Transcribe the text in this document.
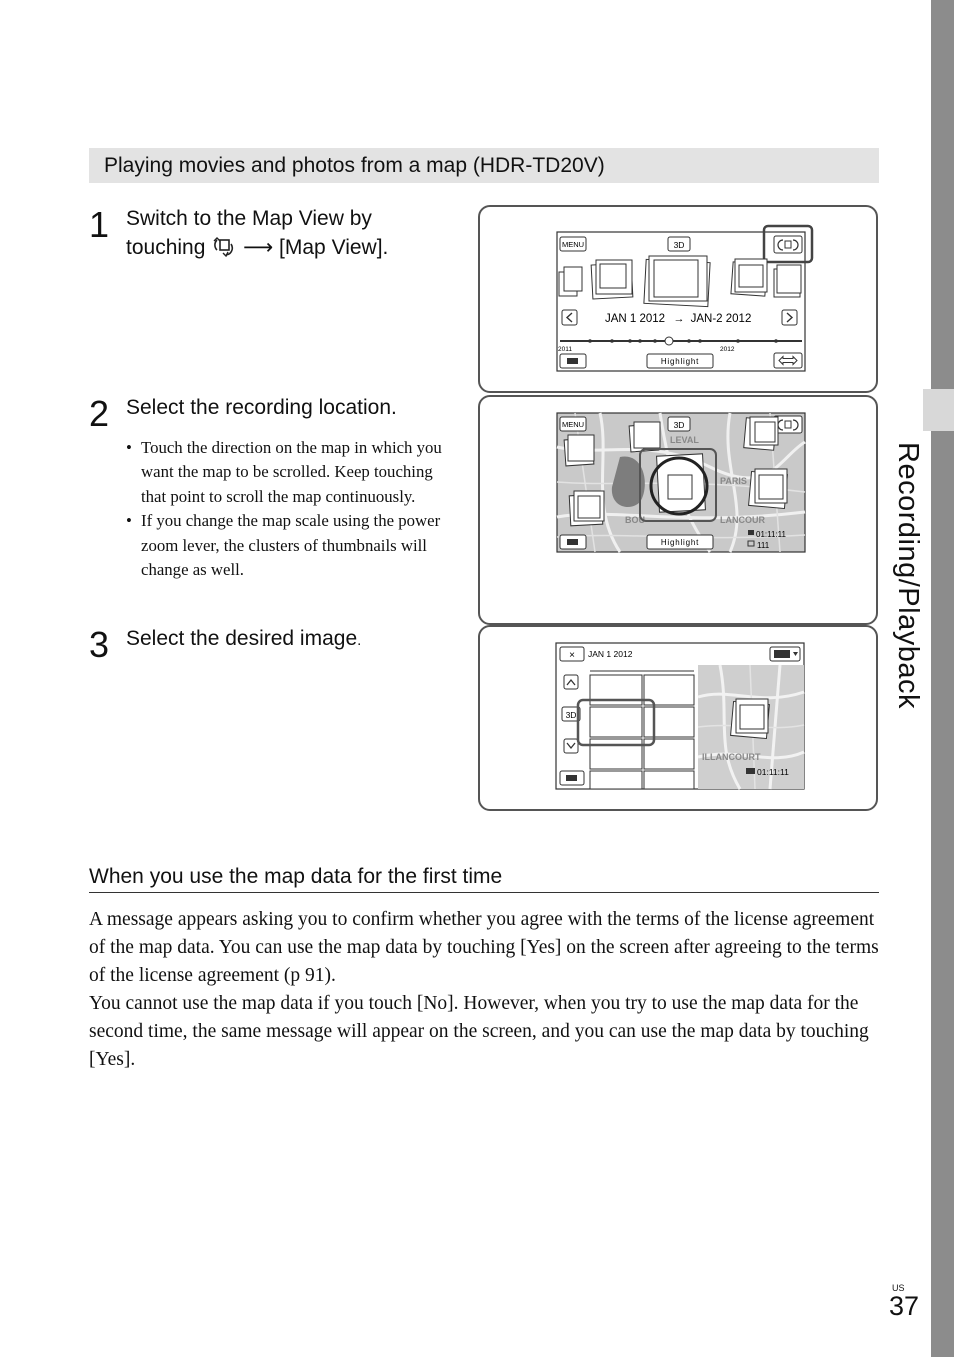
Recording/Playback
Playing movies and photos from a map (HDR-TD20V)
1 Switch to the Map View by
touching ⟶ [Map View].
2 Select the recording location.
• Touch the direction on the map in which you want the map to be scrolled. Keep touching that point to scroll the map continuously.
• If you change the map scale using the power zoom lever, the clusters of thumbnails will change as well.
3 Select the desired image.
MENU	3D
JAN 1 2012 → JAN-2 2012
2011	2012
Highlight
LEVAL
PARIS
LANCOUR
BOU
MENU	3D
Highlight
01:11:11
111
ILLANCOURT
× JAN 1 2012
3D
01:11:11
When you use the map data for the first time

A message appears asking you to confirm whether you agree with the terms of the license agreement of the map data. You can use the map data by touching [Yes] on the screen after agreeing to the terms of the license agreement (p 91).

You cannot use the map data if you touch [No]. However, when you try to use the map data for the second time, the same message will appear on the screen, and you can use the map data by touching [Yes].

US
37
